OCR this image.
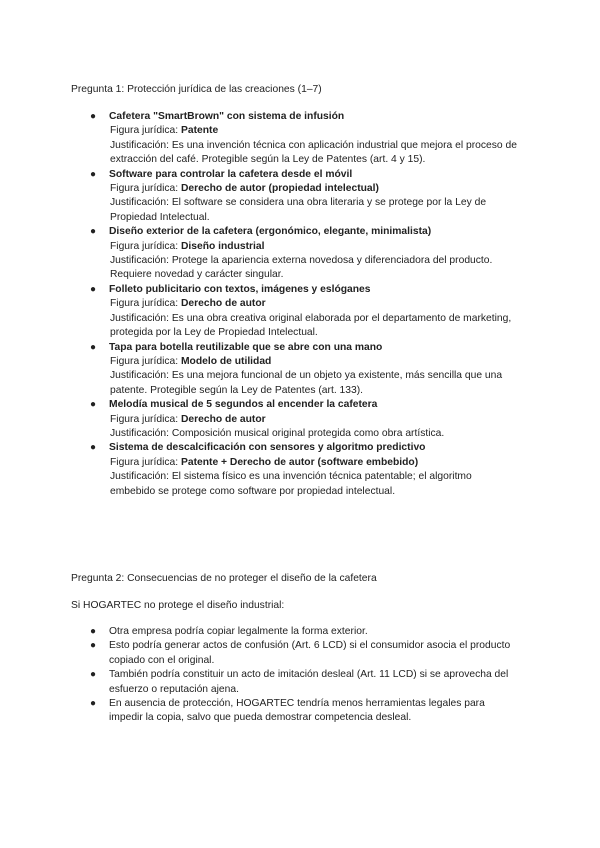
Pregunta 1: Protección jurídica de las creaciones (1–7)
● Cafetera "SmartBrown" con sistema de infusión
Figura jurídica: Patente
Justificación: Es una invención técnica con aplicación industrial que mejora el proceso de extracción del café. Protegible según la Ley de Patentes (art. 4 y 15).
● Software para controlar la cafetera desde el móvil
Figura jurídica: Derecho de autor (propiedad intelectual)
Justificación: El software se considera una obra literaria y se protege por la Ley de Propiedad Intelectual.
● Diseño exterior de la cafetera (ergonómico, elegante, minimalista)
Figura jurídica: Diseño industrial
Justificación: Protege la apariencia externa novedosa y diferenciadora del producto. Requiere novedad y carácter singular.
● Folleto publicitario con textos, imágenes y eslóganes
Figura jurídica: Derecho de autor
Justificación: Es una obra creativa original elaborada por el departamento de marketing, protegida por la Ley de Propiedad Intelectual.
● Tapa para botella reutilizable que se abre con una mano
Figura jurídica: Modelo de utilidad
Justificación: Es una mejora funcional de un objeto ya existente, más sencilla que una patente. Protegible según la Ley de Patentes (art. 133).
● Melodía musical de 5 segundos al encender la cafetera
Figura jurídica: Derecho de autor
Justificación: Composición musical original protegida como obra artística.
● Sistema de descalcificación con sensores y algoritmo predictivo
Figura jurídica: Patente + Derecho de autor (software embebido)
Justificación: El sistema físico es una invención técnica patentable; el algoritmo embebido se protege como software por propiedad intelectual.
Pregunta 2: Consecuencias de no proteger el diseño de la cafetera

Si HOGARTEC no protege el diseño industrial:

● Otra empresa podría copiar legalmente la forma exterior.
● Esto podría generar actos de confusión (Art. 6 LCD) si el consumidor asocia el producto copiado con el original.
● También podría constituir un acto de imitación desleal (Art. 11 LCD) si se aprovecha del esfuerzo o reputación ajena.
● En ausencia de protección, HOGARTEC tendría menos herramientas legales para impedir la copia, salvo que pueda demostrar competencia desleal.
